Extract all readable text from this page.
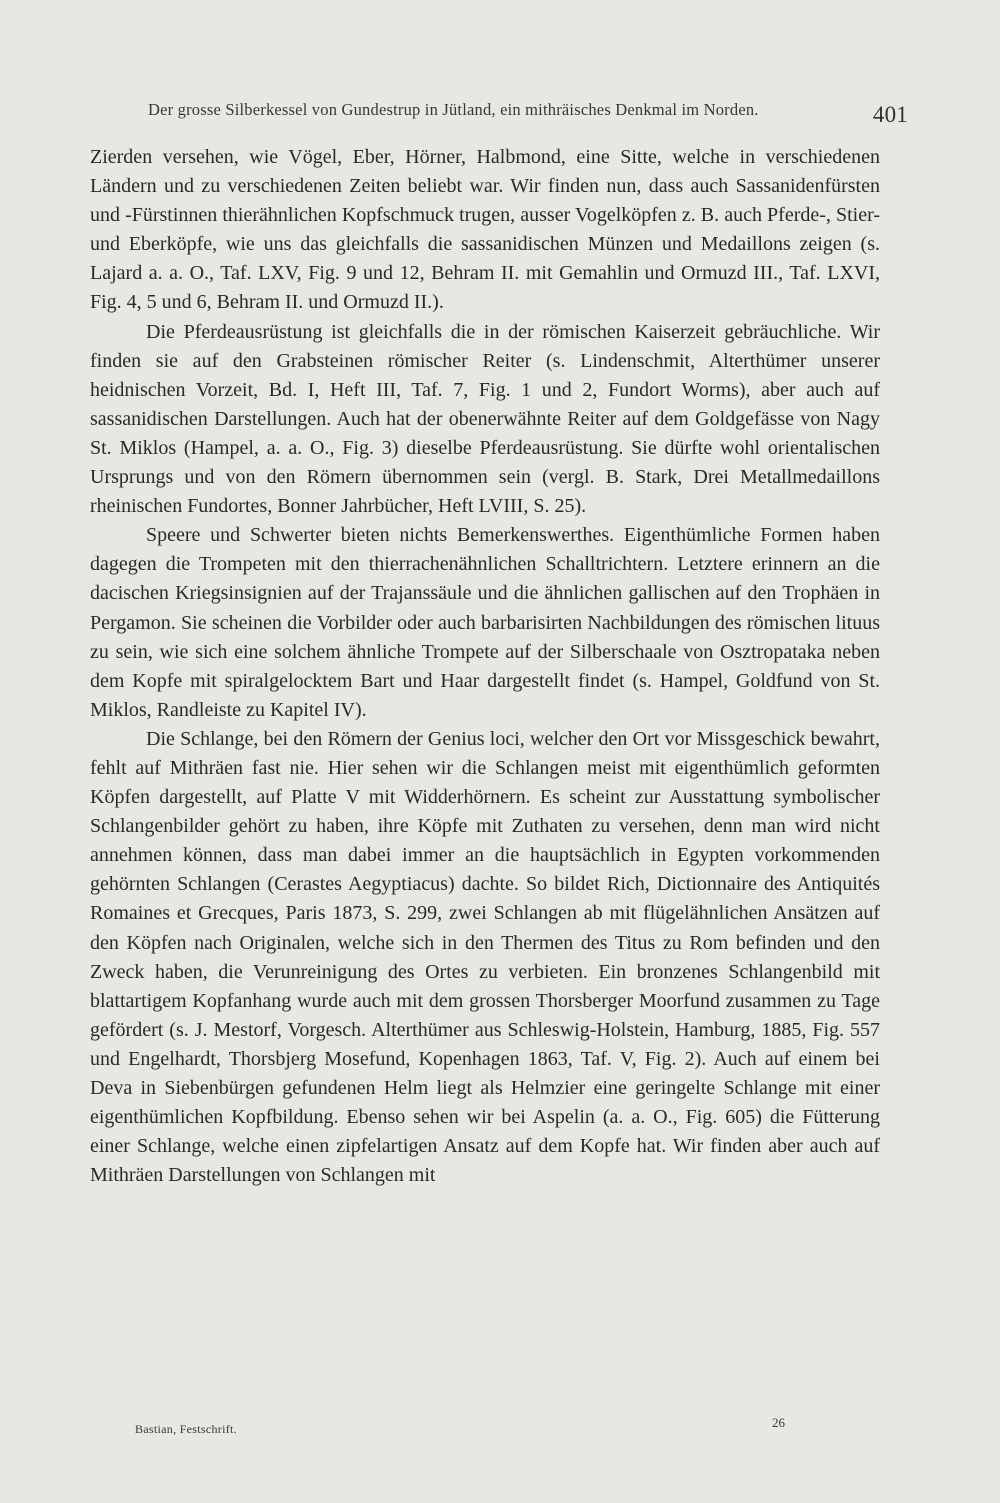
Der grosse Silberkessel von Gundestrup in Jütland, ein mithräisches Denkmal im Norden.	401

Zierden versehen, wie Vögel, Eber, Hörner, Halbmond, eine Sitte, welche in verschiedenen Ländern und zu verschiedenen Zeiten beliebt war. Wir finden nun, dass auch Sassanidenfürsten und -Fürstinnen thierähnlichen Kopfschmuck trugen, ausser Vogelköpfen z. B. auch Pferde-, Stier- und Eberköpfe, wie uns das gleichfalls die sassanidischen Münzen und Medaillons zeigen (s. Lajard a. a. O., Taf. LXV, Fig. 9 und 12, Behram II. mit Gemahlin und Ormuzd III., Taf. LXVI, Fig. 4, 5 und 6, Behram II. und Ormuzd II.).

Die Pferdeausrüstung ist gleichfalls die in der römischen Kaiserzeit gebräuchliche. Wir finden sie auf den Grabsteinen römischer Reiter (s. Lindenschmit, Alterthümer unserer heidnischen Vorzeit, Bd. I, Heft III, Taf. 7, Fig. 1 und 2, Fundort Worms), aber auch auf sassanidischen Darstellungen. Auch hat der obenerwähnte Reiter auf dem Goldgefässe von Nagy St. Miklos (Hampel, a. a. O., Fig. 3) dieselbe Pferdeausrüstung. Sie dürfte wohl orientalischen Ursprungs und von den Römern übernommen sein (vergl. B. Stark, Drei Metallmedaillons rheinischen Fundortes, Bonner Jahrbücher, Heft LVIII, S. 25).

Speere und Schwerter bieten nichts Bemerkenswerthes. Eigenthümliche Formen haben dagegen die Trompeten mit den thierrachenähnlichen Schalltrichtern. Letztere erinnern an die dacischen Kriegsinsignien auf der Trajanssäule und die ähnlichen gallischen auf den Trophäen in Pergamon. Sie scheinen die Vorbilder oder auch barbarisirten Nachbildungen des römischen lituus zu sein, wie sich eine solchem ähnliche Trompete auf der Silberschaale von Osztropataka neben dem Kopfe mit spiralgelocktem Bart und Haar dargestellt findet (s. Hampel, Goldfund von St. Miklos, Randleiste zu Kapitel IV).

Die Schlange, bei den Römern der Genius loci, welcher den Ort vor Missgeschick bewahrt, fehlt auf Mithräen fast nie. Hier sehen wir die Schlangen meist mit eigenthümlich geformten Köpfen dargestellt, auf Platte V mit Widderhörnern. Es scheint zur Ausstattung symbolischer Schlangenbilder gehört zu haben, ihre Köpfe mit Zuthaten zu versehen, denn man wird nicht annehmen können, dass man dabei immer an die hauptsächlich in Egypten vorkommenden gehörnten Schlangen (Cerastes Aegyptiacus) dachte. So bildet Rich, Dictionnaire des Antiquités Romaines et Grecques, Paris 1873, S. 299, zwei Schlangen ab mit flügelähnlichen Ansätzen auf den Köpfen nach Originalen, welche sich in den Thermen des Titus zu Rom befinden und den Zweck haben, die Verunreinigung des Ortes zu verbieten. Ein bronzenes Schlangenbild mit blattartigem Kopfanhang wurde auch mit dem grossen Thorsberger Moorfund zusammen zu Tage gefördert (s. J. Mestorf, Vorgesch. Alterthümer aus Schleswig-Holstein, Hamburg, 1885, Fig. 557 und Engelhardt, Thorsbjerg Mosefund, Kopenhagen 1863, Taf. V, Fig. 2). Auch auf einem bei Deva in Siebenbürgen gefundenen Helm liegt als Helmzier eine geringelte Schlange mit einer eigenthümlichen Kopfbildung. Ebenso sehen wir bei Aspelin (a. a. O., Fig. 605) die Fütterung einer Schlange, welche einen zipfelartigen Ansatz auf dem Kopfe hat. Wir finden aber auch auf Mithräen Darstellungen von Schlangen mit

Bastian, Festschrift.	26
